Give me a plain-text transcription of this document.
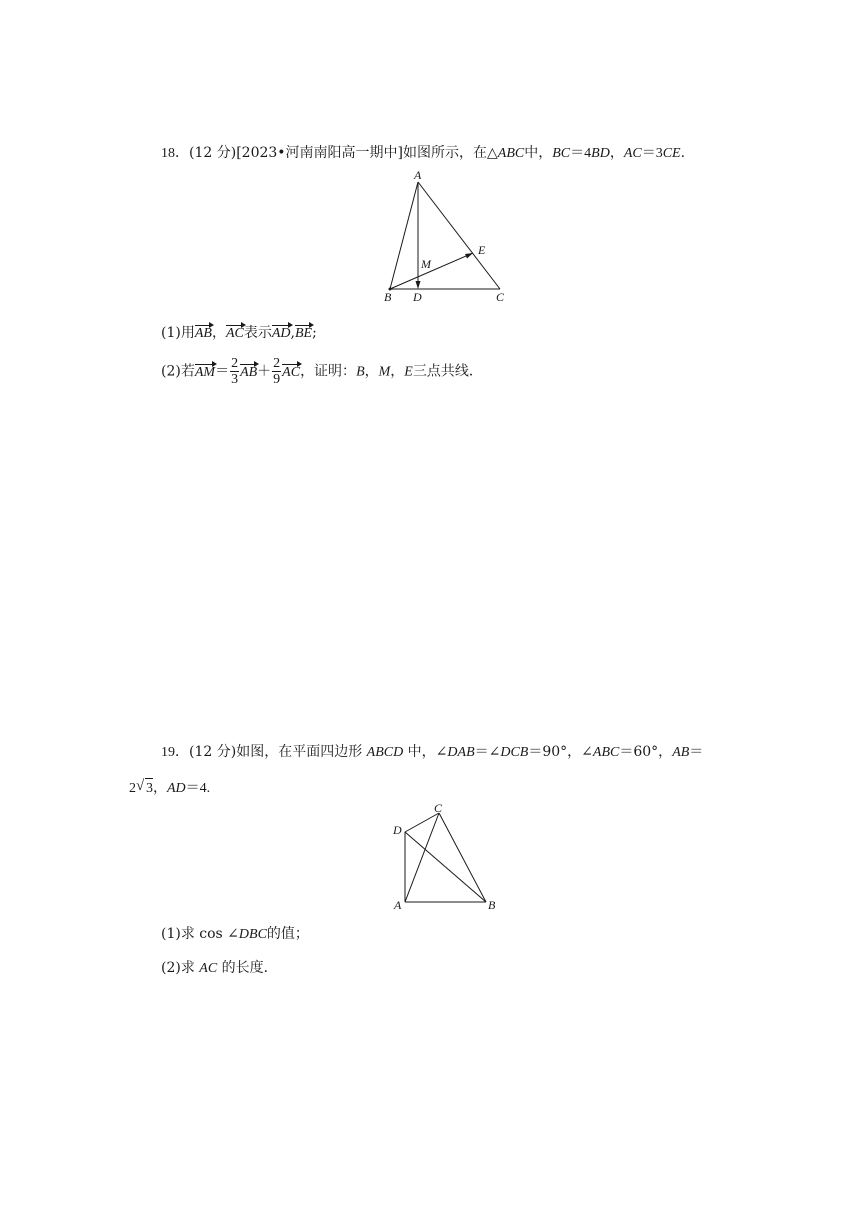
18．(12 分)[2023•河南南阳高一期中]如图所示，在△ABC中，BC＝4BD，AC＝3CE.
A
E
M
B D	C
(1)用AB，AC表示AD,BE;
(2)若$AM= \frac{2}{3} AB+ \frac{2}{9}$ AC，证明：B，M，E三点共线．
19．(12 分)如图，在平面四边形 ABCD 中，∠DAB＝∠DCB＝90°，∠ABC＝60°，AB＝
2√ 3，AD＝4.
C
D
A	B
(1)求 cos ∠DBC的值；
(2)求 AC 的长度．
